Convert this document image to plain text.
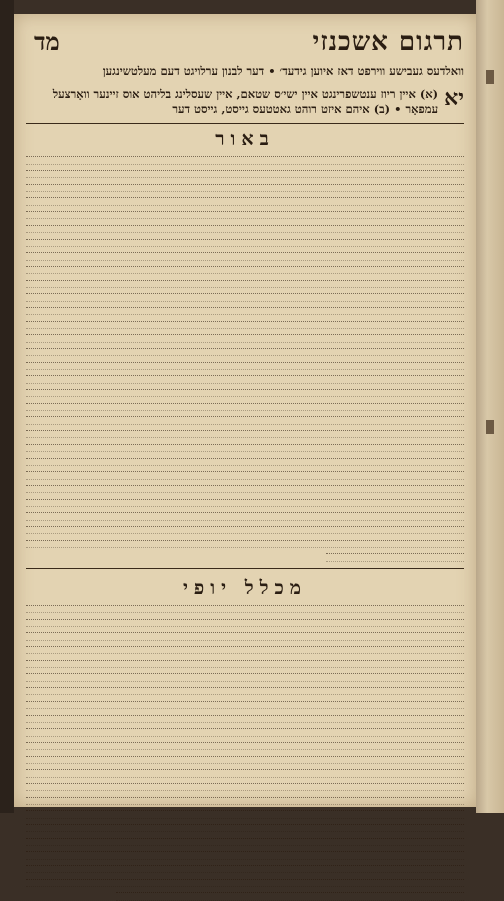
תרגום אשכנזי
מד
וואלדעס געבישע ווירפט דאז איוען גידעד׳ • דער לבנון ערלויגט דעם מעלטשינגען
יא
(א) איין ריוז ענטשפרינגט איין ישי׳ס שטאם, איין שעסלינג בליהט אוס זיינער וואָרצעל עמפאָר • (ב) איהם איזט רוהט גאטטעס גייסט, גייסט דער
באור
מכלל יופי
